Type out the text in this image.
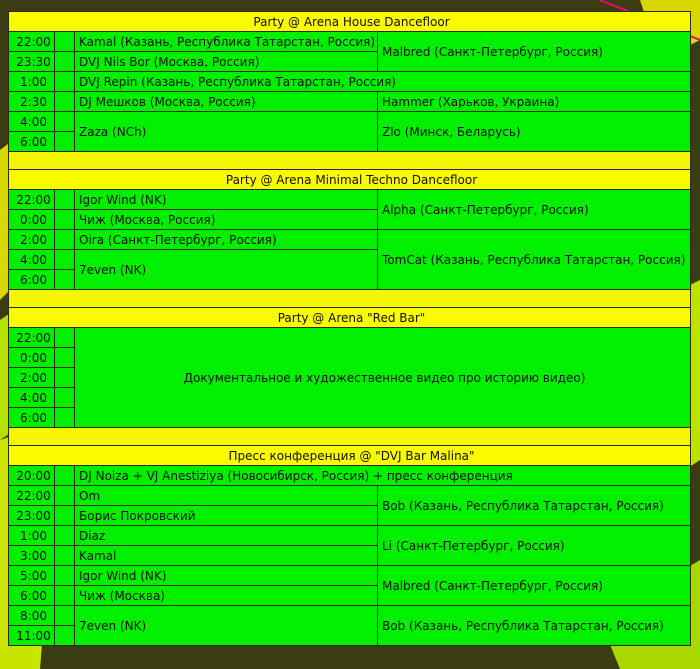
Party @ Arena House Dancefloor			
22:00		Kamal (Казань, Республика Татарстан, Россия)	Malbred (Санкт-Петербург, Россия)
23:30		DVJ Nils Bor (Москва, Россия)	
1:00		DVJ Repin (Казань, Республика Татарстан, Россия)	
2:30		DJ Мешков (Москва, Россия)	Hammer (Харьков, Украина)
4:00		Zaza (NCh)	Zlo (Минск, Беларусь)
6:00			

Party @ Arena Minimal Techno Dancefloor			
22:00		Igor Wind (NK)	Alpha (Санкт-Петербург, Россия)
0:00		Чиж (Москва, Россия)	
2:00		Oira (Санкт-Петербург, Россия)	TomCat (Казань, Республика Татарстан, Россия)
4:00		7even (NK)	
6:00			

Party @ Arena "Red Bar"			
22:00		Документальное и художественное видео про историю видео)	
0:00			
2:00			
4:00			
6:00			

Пресс конференция @ "DVJ Bar Malina"			
20:00		DJ Noiza + VJ Anestiziya (Новосибирск, Россия) + пресс конференция	
22:00		Om	Bob (Казань, Республика Татарстан, Россия)
23:00		Борис Покровский	
1:00		Diaz	Li (Санкт-Петербург, Россия)
3:00		Kamal	
5:00		Igor Wind (NK)	Malbred (Санкт-Петербург, Россия)
6:00		Чиж (Москва)	
8:00		7even (NK)	Bob (Казань, Республика Татарстан, Россия)
11:00			
